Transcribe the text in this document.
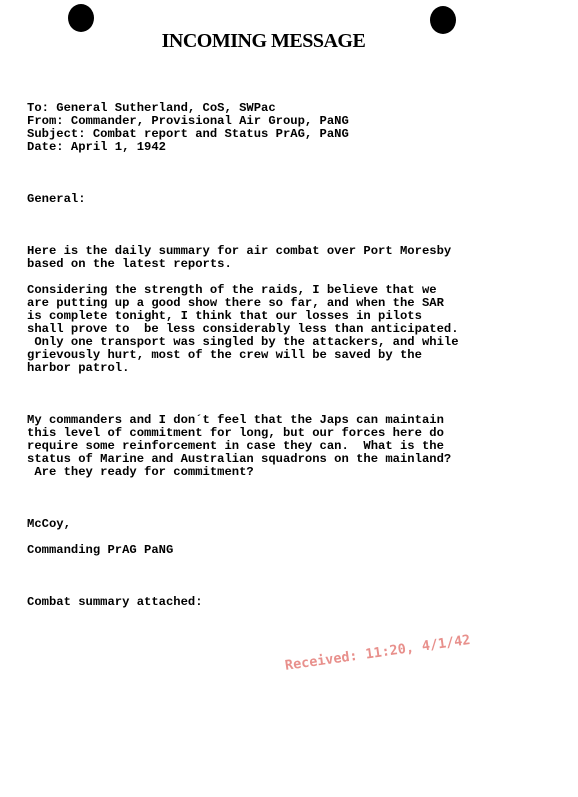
INCOMING MESSAGE
To: General Sutherland, CoS, SWPac
From: Commander, Provisional Air Group, PaNG
Subject: Combat report and Status PrAG, PaNG
Date: April 1, 1942
General:
Here is the daily summary for air combat over Port Moresby
based on the latest reports.
Considering the strength of the raids, I believe that we
are putting up a good show there so far, and when the SAR
is complete tonight, I think that our losses in pilots
shall prove to  be less considerably less than anticipated.
Only one transport was singled by the attackers, and while
grievously hurt, most of the crew will be saved by the
harbor patrol.
My commanders and I don´t feel that the Japs can maintain
this level of commitment for long, but our forces here do
require some reinforcement in case they can.  What is the
status of Marine and Australian squadrons on the mainland?
Are they ready for commitment?
McCoy,
Commanding PrAG PaNG
Combat summary attached:
Received: 11:20, 4/1/42
